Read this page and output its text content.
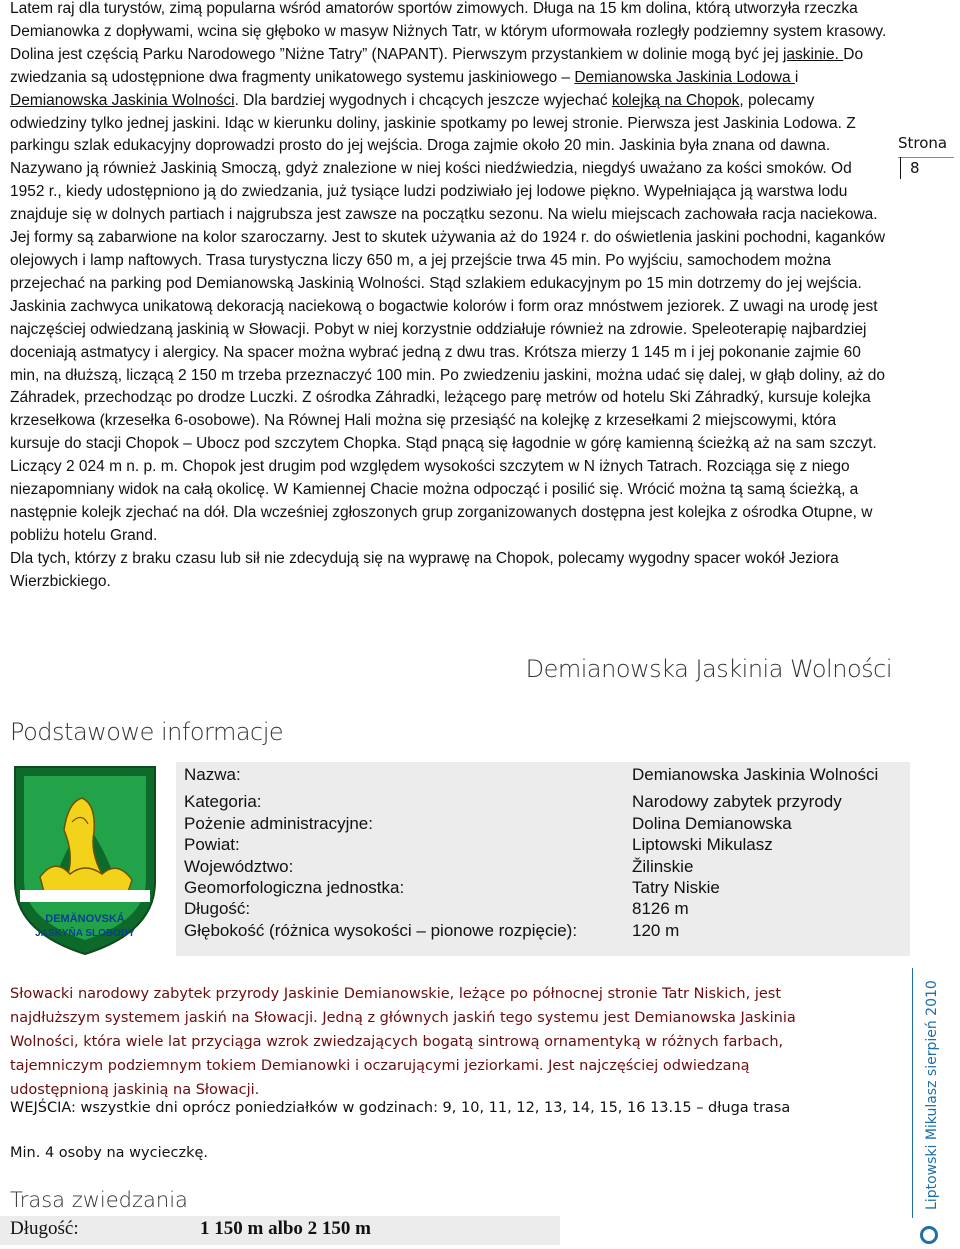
Latem raj dla turystów, zimą popularna wśród amatorów sportów zimowych. Długa na 15 km dolina, którą utworzyła rzeczka Demianowka z dopływami, wcina się głęboko w masyw Niżnych Tatr, w którym uformowała rozległy podziemny system krasowy. Dolina jest częścią Parku Narodowego ”Niżne Tatry” (NAPANT). Pierwszym przystankiem w dolinie mogą być jej jaskinie. Do zwiedzania są udostępnione dwa fragmenty unikatowego systemu jaskiniowego – Demianowska Jaskinia Lodowa i Demianowska Jaskinia Wolności. Dla bardziej wygodnych i chcących jeszcze wyjechać kolejką na Chopok, polecamy odwiedziny tylko jednej jaskini. Idąc w kierunku doliny, jaskinie spotkamy po lewej stronie. Pierwsza jest Jaskinia Lodowa. Z parkingu szlak edukacyjny doprowadzi prosto do jej wejścia. Droga zajmie około 20 min. Jaskinia była znana od dawna. Nazywano ją również Jaskinią Smoczą, gdyż znalezione w niej kości niedźwiedzia, niegdyś uważano za kości smoków. Od 1952 r., kiedy udostępniono ją do zwiedzania, już tysiące ludzi podziwiało jej lodowe piękno. Wypełniająca ją warstwa lodu znajduje się w dolnych partiach i najgrubsza jest zawsze na początku sezonu. Na wielu miejscach zachowała racja naciekowa. Jej formy są zabarwione na kolor szaroczarny. Jest to skutek używania aż do 1924 r. do oświetlenia jaskini pochodni, kaganków olejowych i lamp naftowych. Trasa turystyczna liczy 650 m, a jej przejście trwa 45 min. Po wyjściu, samochodem można przejechać na parking pod Demianowską Jaskinią Wolności. Stąd szlakiem edukacyjnym po 15 min dotrzemy do jej wejścia. Jaskinia zachwyca unikatową dekoracją naciekową o bogactwie kolorów i form oraz mnóstwem jeziorek. Z uwagi na urodę jest najczęściej odwiedzaną jaskinią w Słowacji. Pobyt w niej korzystnie oddziałuje również na zdrowie. Speleoterapię najbardziej doceniają astmatycy i alergicy. Na spacer można wybrać jedną z dwu tras. Krótsza mierzy 1 145 m i jej pokonanie zajmie 60 min, na dłuższą, liczącą 2 150 m trzeba przeznaczyć 100 min. Po zwiedzeniu jaskini, można udać się dalej, w głąb doliny, aż do Záhradek, przechodząc po drodze Luczki. Z ośrodka Záhradki, leżącego parę metrów od hotelu Ski Záhradký, kursuje kolejka krzesełkowa (krzesełka 6-osobowe). Na Równej Hali można się przesiąść na kolejkę z krzesełkami 2 miejscowymi, która kursuje do stacji Chopok – Ubocz pod szczytem Chopka. Stąd pnącą się łagodnie w górę kamienną ścieżką aż na sam szczyt. Liczący 2 024 m n. p. m. Chopok jest drugim pod względem wysokości szczytem w N iżnych Tatrach. Rozciąga się z niego niezapomniany widok na całą okolicę. W Kamiennej Chacie można odpocząć i posilić się. Wrócić można tą samą ścieżką, a następnie kolejk zjechać na dół. Dla wcześniej zgłoszonych grup zorganizowanych dostępna jest kolejka z ośrodka Otupne, w pobliżu hotelu Grand.

Dla tych, którzy z braku czasu lub sił nie zdecydują się na wyprawę na Chopok, polecamy wygodny spacer wokół Jeziora Wierzbickiego.

Strona
8
Demianowska Jaskinia Wolności
Podstawowe informacje
DEMÄNOVSKÁ
JASKYŇA SLOBODY
Nazwa:	Demianowska Jaskinia Wolności
Kategoria:	Narodowy zabytek przyrody
Pożenie administracyjne:	Dolina Demianowska
Powiat:	Liptowski Mikulasz
Województwo:	Žilinskie
Geomorfologiczna jednostka:	Tatry Niskie
Długość:	8126 m
Głębokość (różnica wysokości – pionowe rozpięcie):	120 m

Słowacki narodowy zabytek przyrody Jaskinie Demianowskie, leżące po północnej stronie Tatr Niskich, jest najdłuższym systemem jaskiń na Słowacji. Jedną z głównych jaskiń tego systemu jest Demianowska Jaskinia Wolności, która wiele lat przyciąga wzrok zwiedzających bogatą sintrową ornamentyką w różnych farbach, tajemniczym podziemnym tokiem Demianowki i oczarującymi jeziorkami. Jest najczęściej odwiedzaną udostępnioną jaskinią na Słowacji.

WEJŚCIA: wszystkie dni oprócz poniedziałków w godzinach: 9, 10, 11, 12, 13, 14, 15, 16 13.15 – długa trasa
Min. 4 osoby na wycieczkę.
Trasa zwiedzania
Długość:	1 150 m albo 2 150 m
Liptowski Mikulasz sierpień 2010
